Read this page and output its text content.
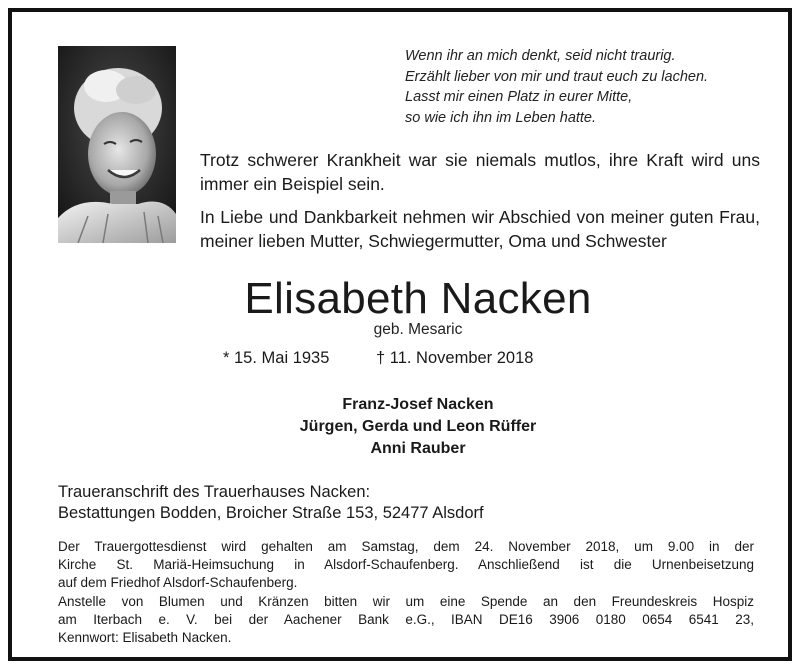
Wenn ihr an mich denkt, seid nicht traurig.
Erzählt lieber von mir und traut euch zu lachen.
Lasst mir einen Platz in eurer Mitte,
so wie ich ihn im Leben hatte.
Trotz schwerer Krankheit war sie niemals mutlos, ihre Kraft wird uns immer ein Beispiel sein.
In Liebe und Dankbarkeit nehmen wir Abschied von meiner guten Frau, meiner lieben Mutter, Schwiegermutter, Oma und Schwester
Elisabeth Nacken
geb. Mesaric
* 15. Mai 1935	† 11. November 2018
Franz-Josef Nacken
Jürgen, Gerda und Leon Rüffer
Anni Rauber
Traueranschrift des Trauerhauses Nacken:
Bestattungen Bodden, Broicher Straße 153, 52477 Alsdorf
Der Trauergottesdienst wird gehalten am Samstag, dem 24. November 2018, um 9.00 in der
Kirche St. Mariä-Heimsuchung in Alsdorf-Schaufenberg. Anschließend ist die Urnenbeisetzung
auf dem Friedhof Alsdorf-Schaufenberg.
Anstelle von Blumen und Kränzen bitten wir um eine Spende an den Freundeskreis Hospiz
am Iterbach e. V. bei der Aachener Bank e.G., IBAN DE16 3906 0180 0654 6541 23,
Kennwort: Elisabeth Nacken.
